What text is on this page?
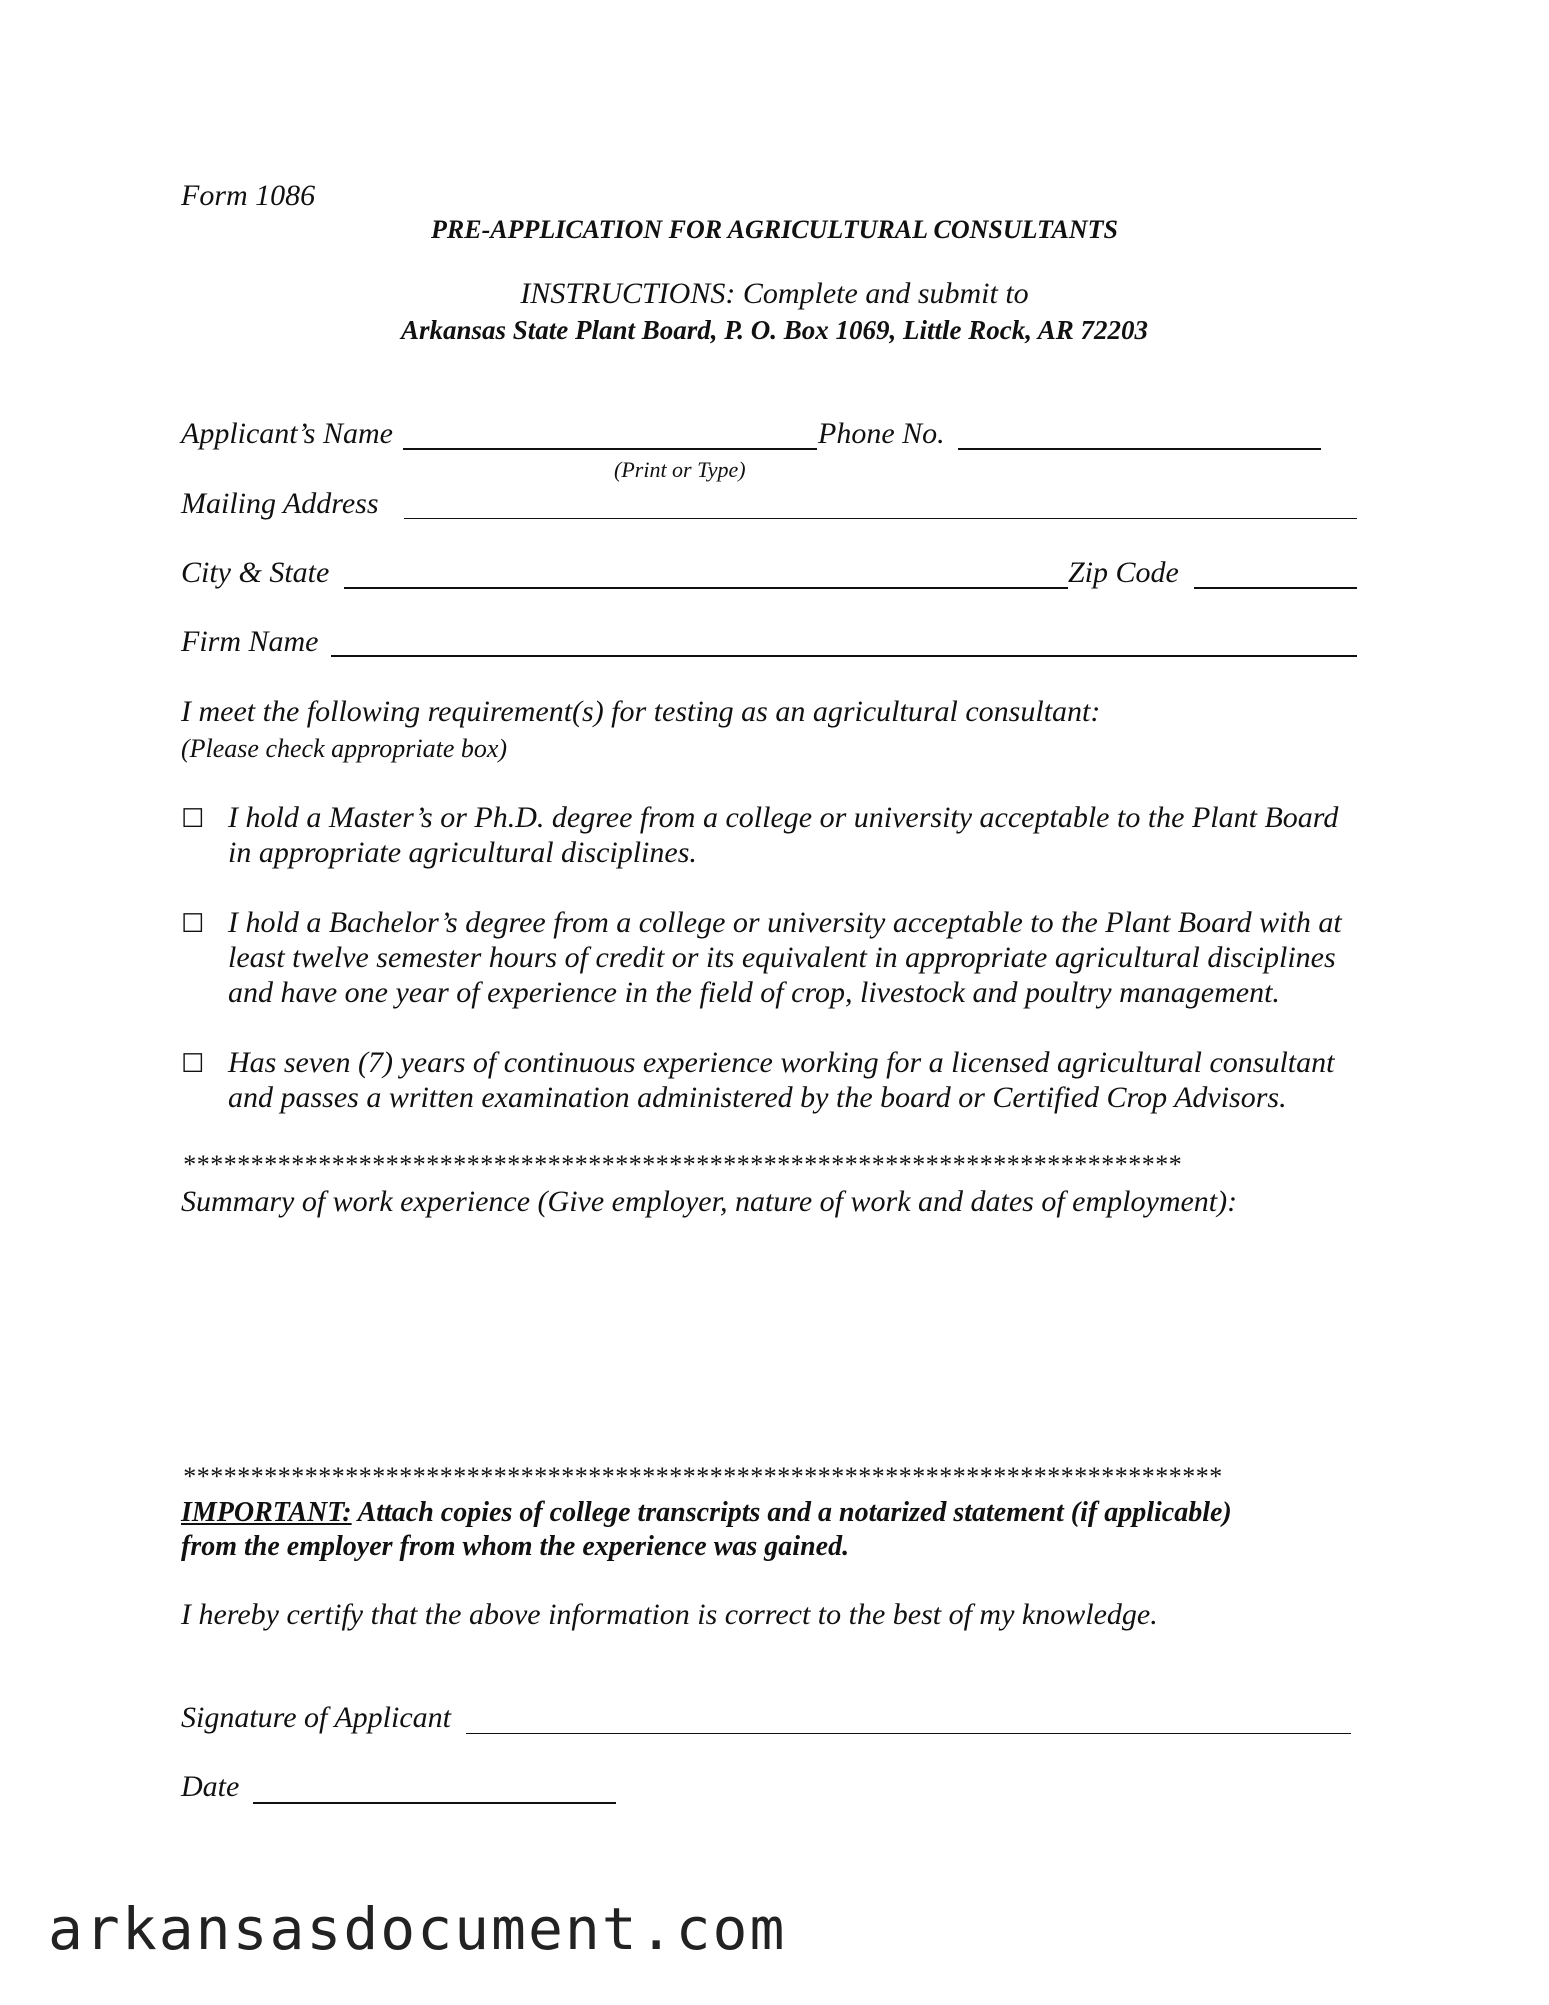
Form 1086
PRE-APPLICATION FOR AGRICULTURAL CONSULTANTS
INSTRUCTIONS: Complete and submit to
Arkansas State Plant Board, P. O. Box 1069, Little Rock, AR 72203
Applicant’s Name	Phone No.
(Print or Type)
Mailing Address
City & State	Zip Code
Firm Name
I meet the following requirement(s) for testing as an agricultural consultant:
(Please check appropriate box)
☐ I hold a Master’s or Ph.D. degree from a college or university acceptable to the Plant Board
in appropriate agricultural disciplines.
☐ I hold a Bachelor’s degree from a college or university acceptable to the Plant Board with at
least twelve semester hours of credit or its equivalent in appropriate agricultural disciplines
and have one year of experience in the field of crop, livestock and poultry management.
☐ Has seven (7) years of continuous experience working for a licensed agricultural consultant
and passes a written examination administered by the board or Certified Crop Advisors.
**************************************************************************
Summary of work experience (Give employer, nature of work and dates of employment):
*****************************************************************************
IMPORTANT: Attach copies of college transcripts and a notarized statement (if applicable)
from the employer from whom the experience was gained.
I hereby certify that the above information is correct to the best of my knowledge.
Signature of Applicant
Date
arkansasdocument.com
